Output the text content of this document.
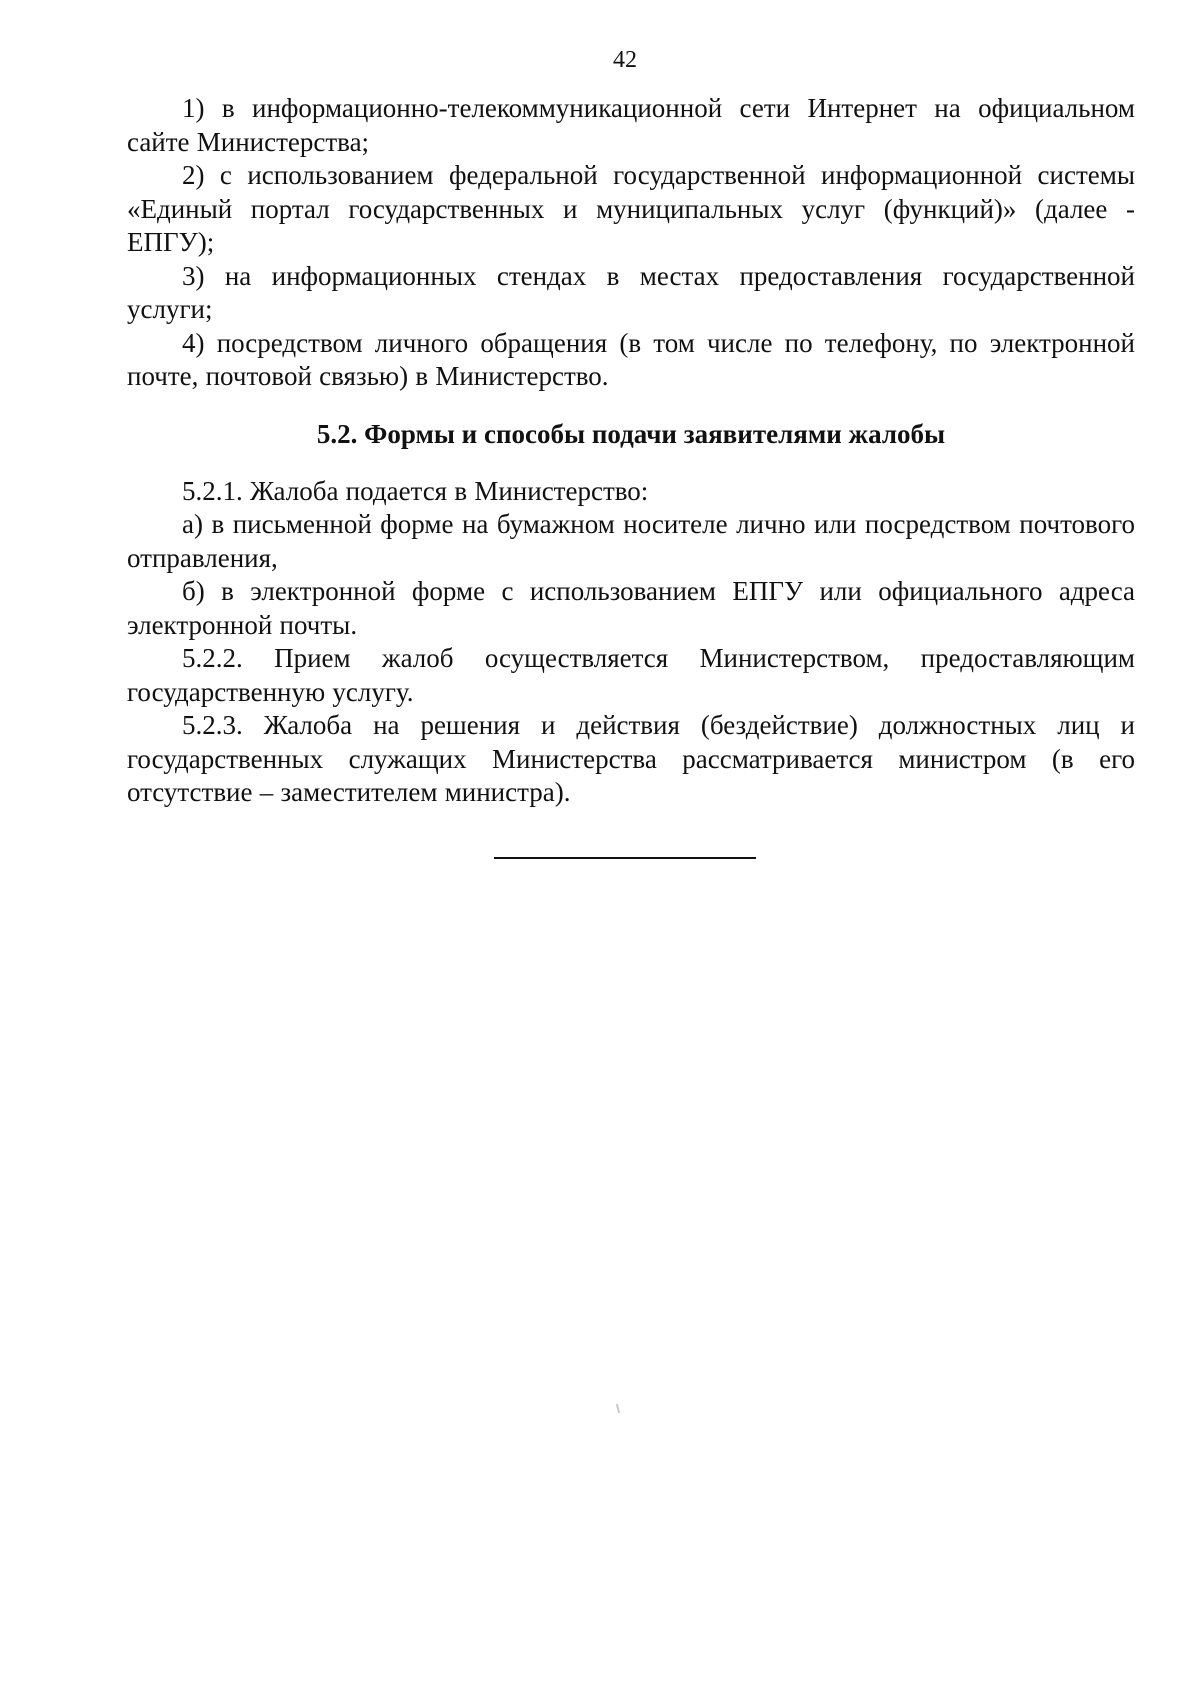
42

1) в информационно-телекоммуникационной сети Интернет на официальном сайте Министерства;

2) с использованием федеральной государственной информационной системы «Единый портал государственных и муниципальных услуг (функций)» (далее - ЕПГУ);

3) на информационных стендах в местах предоставления государственной услуги;

4) посредством личного обращения (в том числе по телефону, по электронной почте, почтовой связью) в Министерство.

5.2. Формы и способы подачи заявителями жалобы

5.2.1. Жалоба подается в Министерство:

а) в письменной форме на бумажном носителе лично или посредством почтового отправления,

б) в электронной форме с использованием ЕПГУ или официального адреса электронной почты.

5.2.2. Прием жалоб осуществляется Министерством, предоставляющим государственную услугу.

5.2.3. Жалоба на решения и действия (бездействие) должностных лиц и государственных служащих Министерства рассматривается министром (в его отсутствие – заместителем министра).
